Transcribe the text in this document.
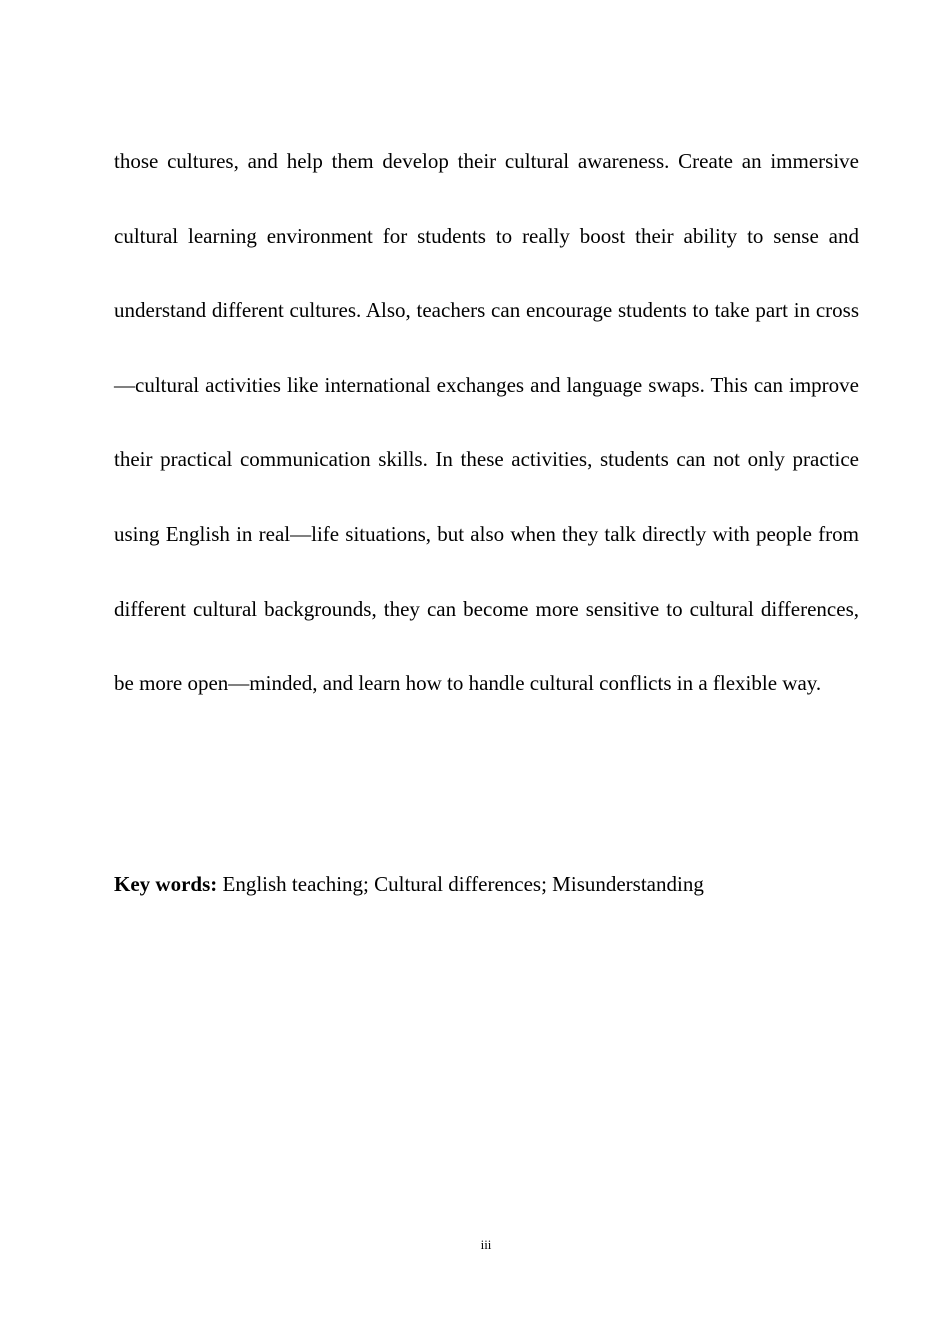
those cultures, and help them develop their cultural awareness. Create an immersive cultural learning environment for students to really boost their ability to sense and understand different cultures. Also, teachers can encourage students to take part in cross—cultural activities like international exchanges and language swaps. This can improve their practical communication skills. In these activities, students can not only practice using English in real—life situations, but also when they talk directly with people from different cultural backgrounds, they can become more sensitive to cultural differences, be more open—minded, and learn how to handle cultural conflicts in a flexible way.

Key words: English teaching; Cultural differences; Misunderstanding

iii
